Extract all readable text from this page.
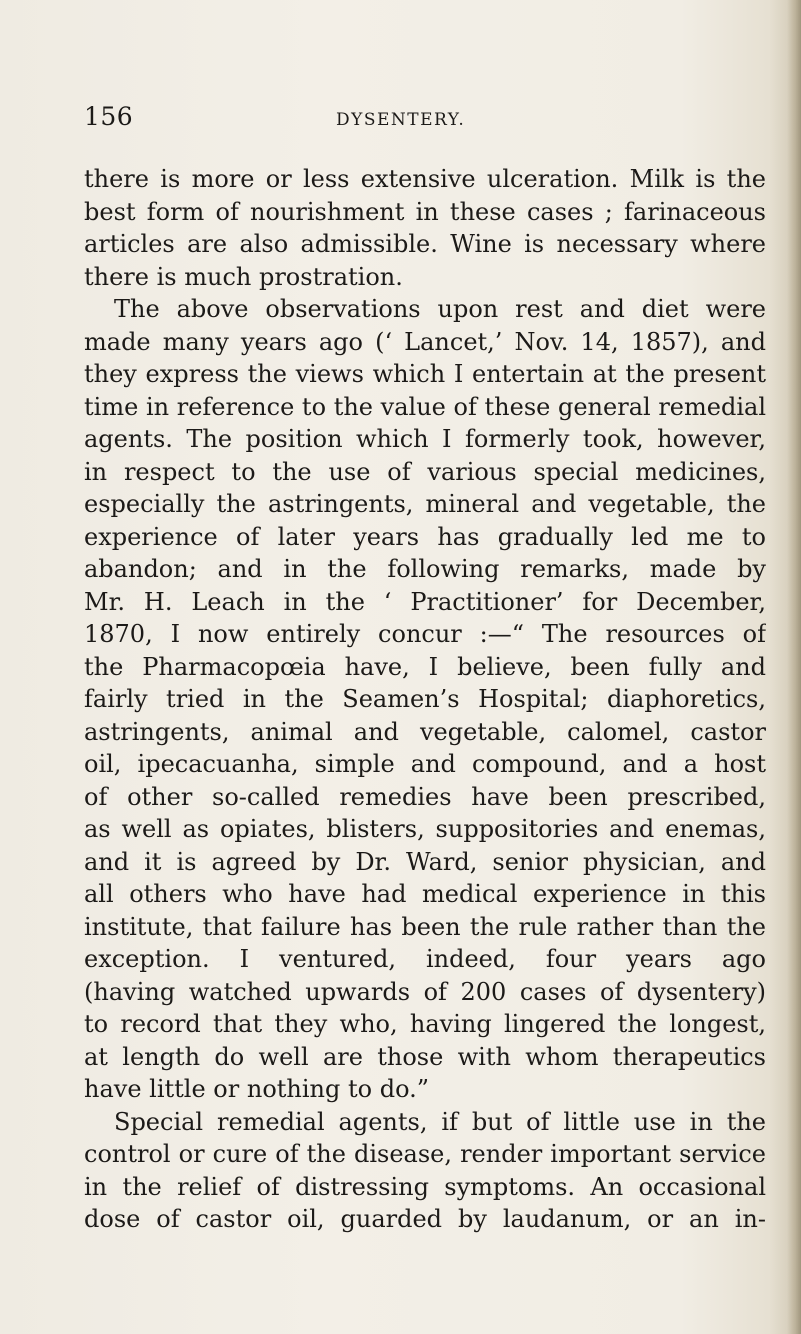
156	DYSENTERY.
there is more or less extensive ulceration. Milk is the
best form of nourishment in these cases ; farinaceous
articles are also admissible. Wine is necessary where
there is much prostration.
The above observations upon rest and diet were
made many years ago (‘ Lancet,’ Nov. 14, 1857), and
they express the views which I entertain at the present
time in reference to the value of these general remedial
agents. The position which I formerly took, however,
in respect to the use of various special medicines,
especially the astringents, mineral and vegetable, the
experience of later years has gradually led me to
abandon; and in the following remarks, made by
Mr. H. Leach in the ‘ Practitioner’ for December,
1870, I now entirely concur :—“ The resources of
the Pharmacopœia have, I believe, been fully and
fairly tried in the Seamen’s Hospital; diaphoretics,
astringents, animal and vegetable, calomel, castor
oil, ipecacuanha, simple and compound, and a host
of other so-called remedies have been prescribed,
as well as opiates, blisters, suppositories and enemas,
and it is agreed by Dr. Ward, senior physician, and
all others who have had medical experience in this
institute, that failure has been the rule rather than the
exception. I ventured, indeed, four years ago
(having watched upwards of 200 cases of dysentery)
to record that they who, having lingered the longest,
at length do well are those with whom therapeutics
have little or nothing to do.”
Special remedial agents, if but of little use in the
control or cure of the disease, render important service
in the relief of distressing symptoms. An occasional
dose of castor oil, guarded by laudanum, or an in-
